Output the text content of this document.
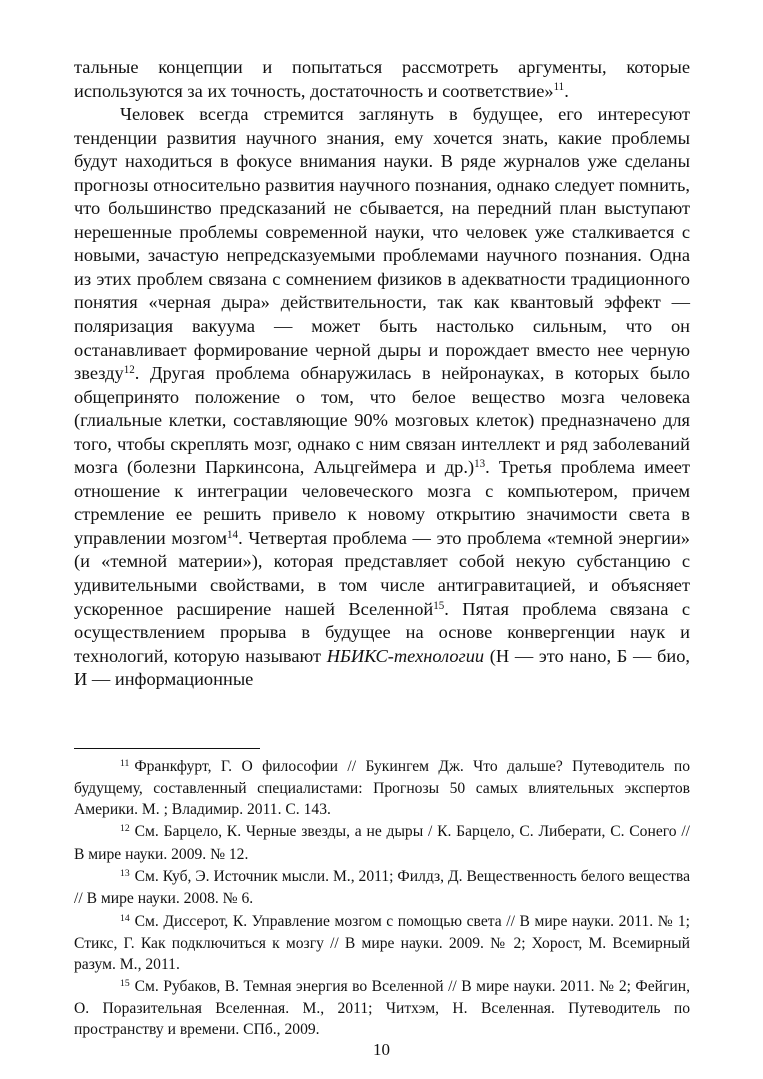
тальные концепции и попытаться рассмотреть аргументы, которые используются за их точность, достаточность и соответствие»$^{11}$.

Человек всегда стремится заглянуть в будущее, его интересуют тенденции развития научного знания, ему хочется знать, какие проблемы будут находиться в фокусе внимания науки. В ряде журналов уже сделаны прогнозы относительно развития научного познания, однако следует помнить, что большинство предсказаний не сбывается, на передний план выступают нерешенные проблемы современной науки, что человек уже сталкивается с новыми, зачастую непредсказуемыми проблемами научного познания. Одна из этих проблем связана с сомнением физиков в адекватности традиционного понятия «черная дыра» действительности, так как квантовый эффект — поляризация вакуума — может быть настолько сильным, что он останавливает формирование черной дыры и порождает вместо нее черную звезду$^{12}$. Другая проблема обнаружилась в нейронауках, в которых было общепринято положение о том, что белое вещество мозга человека (глиальные клетки, составляющие 90% мозговых клеток) предназначено для того, чтобы скреплять мозг, однако с ним связан интеллект и ряд заболеваний мозга (болезни Паркинсона, Альцгеймера и др.)$^{13}$. Третья проблема имеет отношение к интеграции человеческого мозга с компьютером, причем стремление ее решить привело к новому открытию значимости света в управлении мозгом$^{14}$. Четвертая проблема — это проблема «темной энергии» (и «темной материи»), которая представляет собой некую субстанцию с удивительными свойствами, в том числе антигравитацией, и объясняет ускоренное расширение нашей Вселенной$^{15}$. Пятая проблема связана с осуществлением прорыва в будущее на основе конвергенции наук и технологий, которую называют НБИКС-технологии (Н — это нано, Б — био, И — информационные

$^{11}$ Франкфурт, Г. О философии // Букингем Дж. Что дальше? Путеводитель по будущему, составленный специалистами: Прогнозы 50 самых влиятельных экспертов Америки. М. ; Владимир. 2011. С. 143.

$^{12}$ См. Барцело, К. Черные звезды, а не дыры / К. Барцело, С. Либерати, С. Сонего // В мире науки. 2009. № 12.

$^{13}$ См. Куб, Э. Источник мысли. М., 2011; Филдз, Д. Вещественность белого вещества // В мире науки. 2008. № 6.

$^{14}$ См. Диссерот, К. Управление мозгом с помощью света // В мире науки. 2011. № 1; Стикс, Г. Как подключиться к мозгу // В мире науки. 2009. № 2; Хорост, М. Всемирный разум. М., 2011.

$^{15}$ См. Рубаков, В. Темная энергия во Вселенной // В мире науки. 2011. № 2; Фейгин, О. Поразительная Вселенная. М., 2011; Читхэм, Н. Вселенная. Путеводитель по пространству и времени. СПб., 2009.

10
